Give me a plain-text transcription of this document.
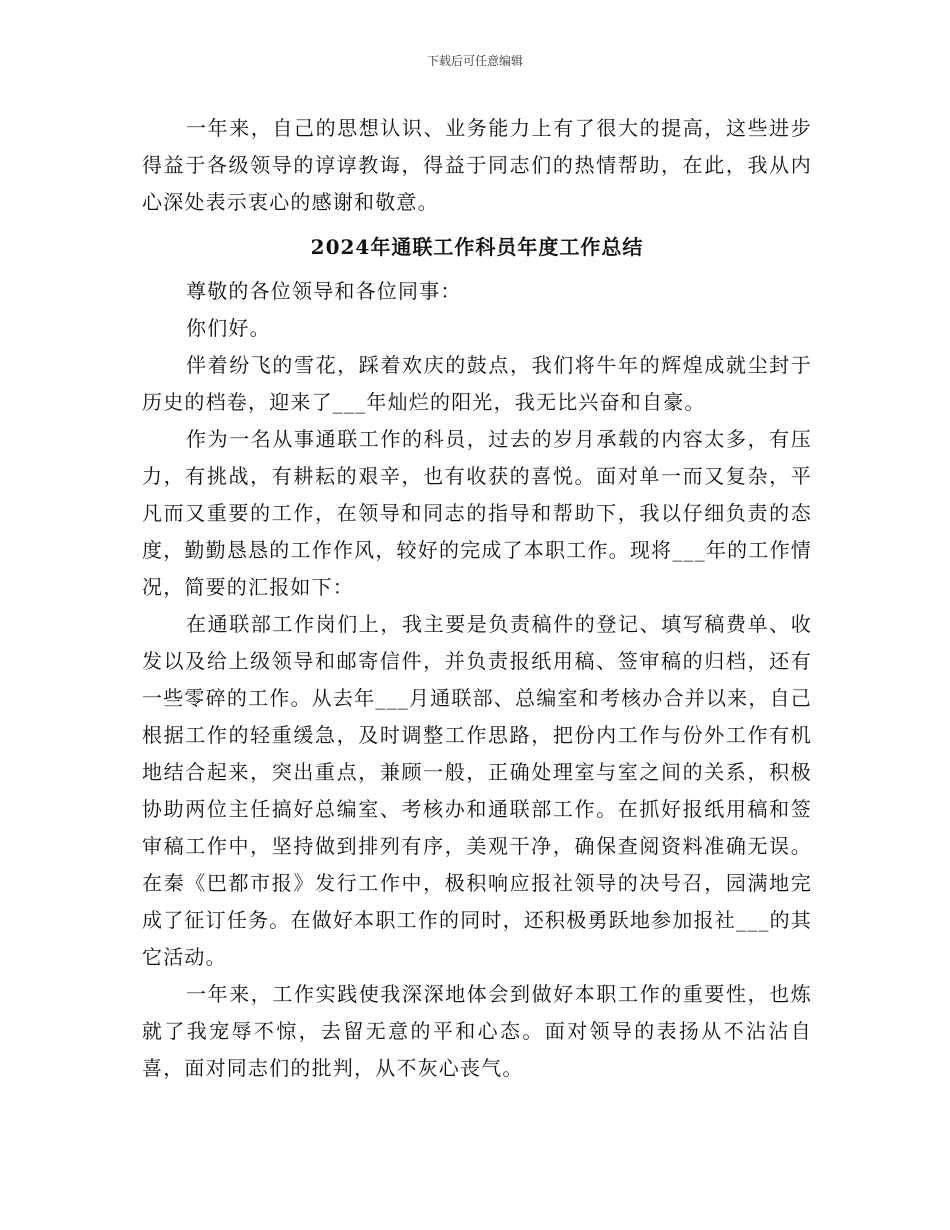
下载后可任意编辑

一年来，自己的思想认识、业务能力上有了很大的提高，这些进步得益于各级领导的谆谆教诲，得益于同志们的热情帮助，在此，我从内心深处表示衷心的感谢和敬意。

2024年通联工作科员年度工作总结

尊敬的各位领导和各位同事：

你们好。

伴着纷飞的雪花，踩着欢庆的鼓点，我们将牛年的辉煌成就尘封于历史的档卷，迎来了___年灿烂的阳光，我无比兴奋和自豪。

作为一名从事通联工作的科员，过去的岁月承载的内容太多，有压力，有挑战，有耕耘的艰辛，也有收获的喜悦。面对单一而又复杂，平凡而又重要的工作，在领导和同志的指导和帮助下，我以仔细负责的态度，勤勤恳恳的工作作风，较好的完成了本职工作。现将___年的工作情况，简要的汇报如下：

在通联部工作岗们上，我主要是负责稿件的登记、填写稿费单、收发以及给上级领导和邮寄信件，并负责报纸用稿、签审稿的归档，还有一些零碎的工作。从去年___月通联部、总编室和考核办合并以来，自己根据工作的轻重缓急，及时调整工作思路，把份内工作与份外工作有机地结合起来，突出重点，兼顾一般，正确处理室与室之间的关系，积极协助两位主任搞好总编室、考核办和通联部工作。在抓好报纸用稿和签审稿工作中，坚持做到排列有序，美观干净，确保查阅资料准确无误。在秦《巴都市报》发行工作中，极积响应报社领导的决号召，园满地完成了征订任务。在做好本职工作的同时，还积极勇跃地参加报社___的其它活动。

一年来，工作实践使我深深地体会到做好本职工作的重要性，也炼就了我宠辱不惊，去留无意的平和心态。面对领导的表扬从不沾沾自喜，面对同志们的批判，从不灰心丧气。
